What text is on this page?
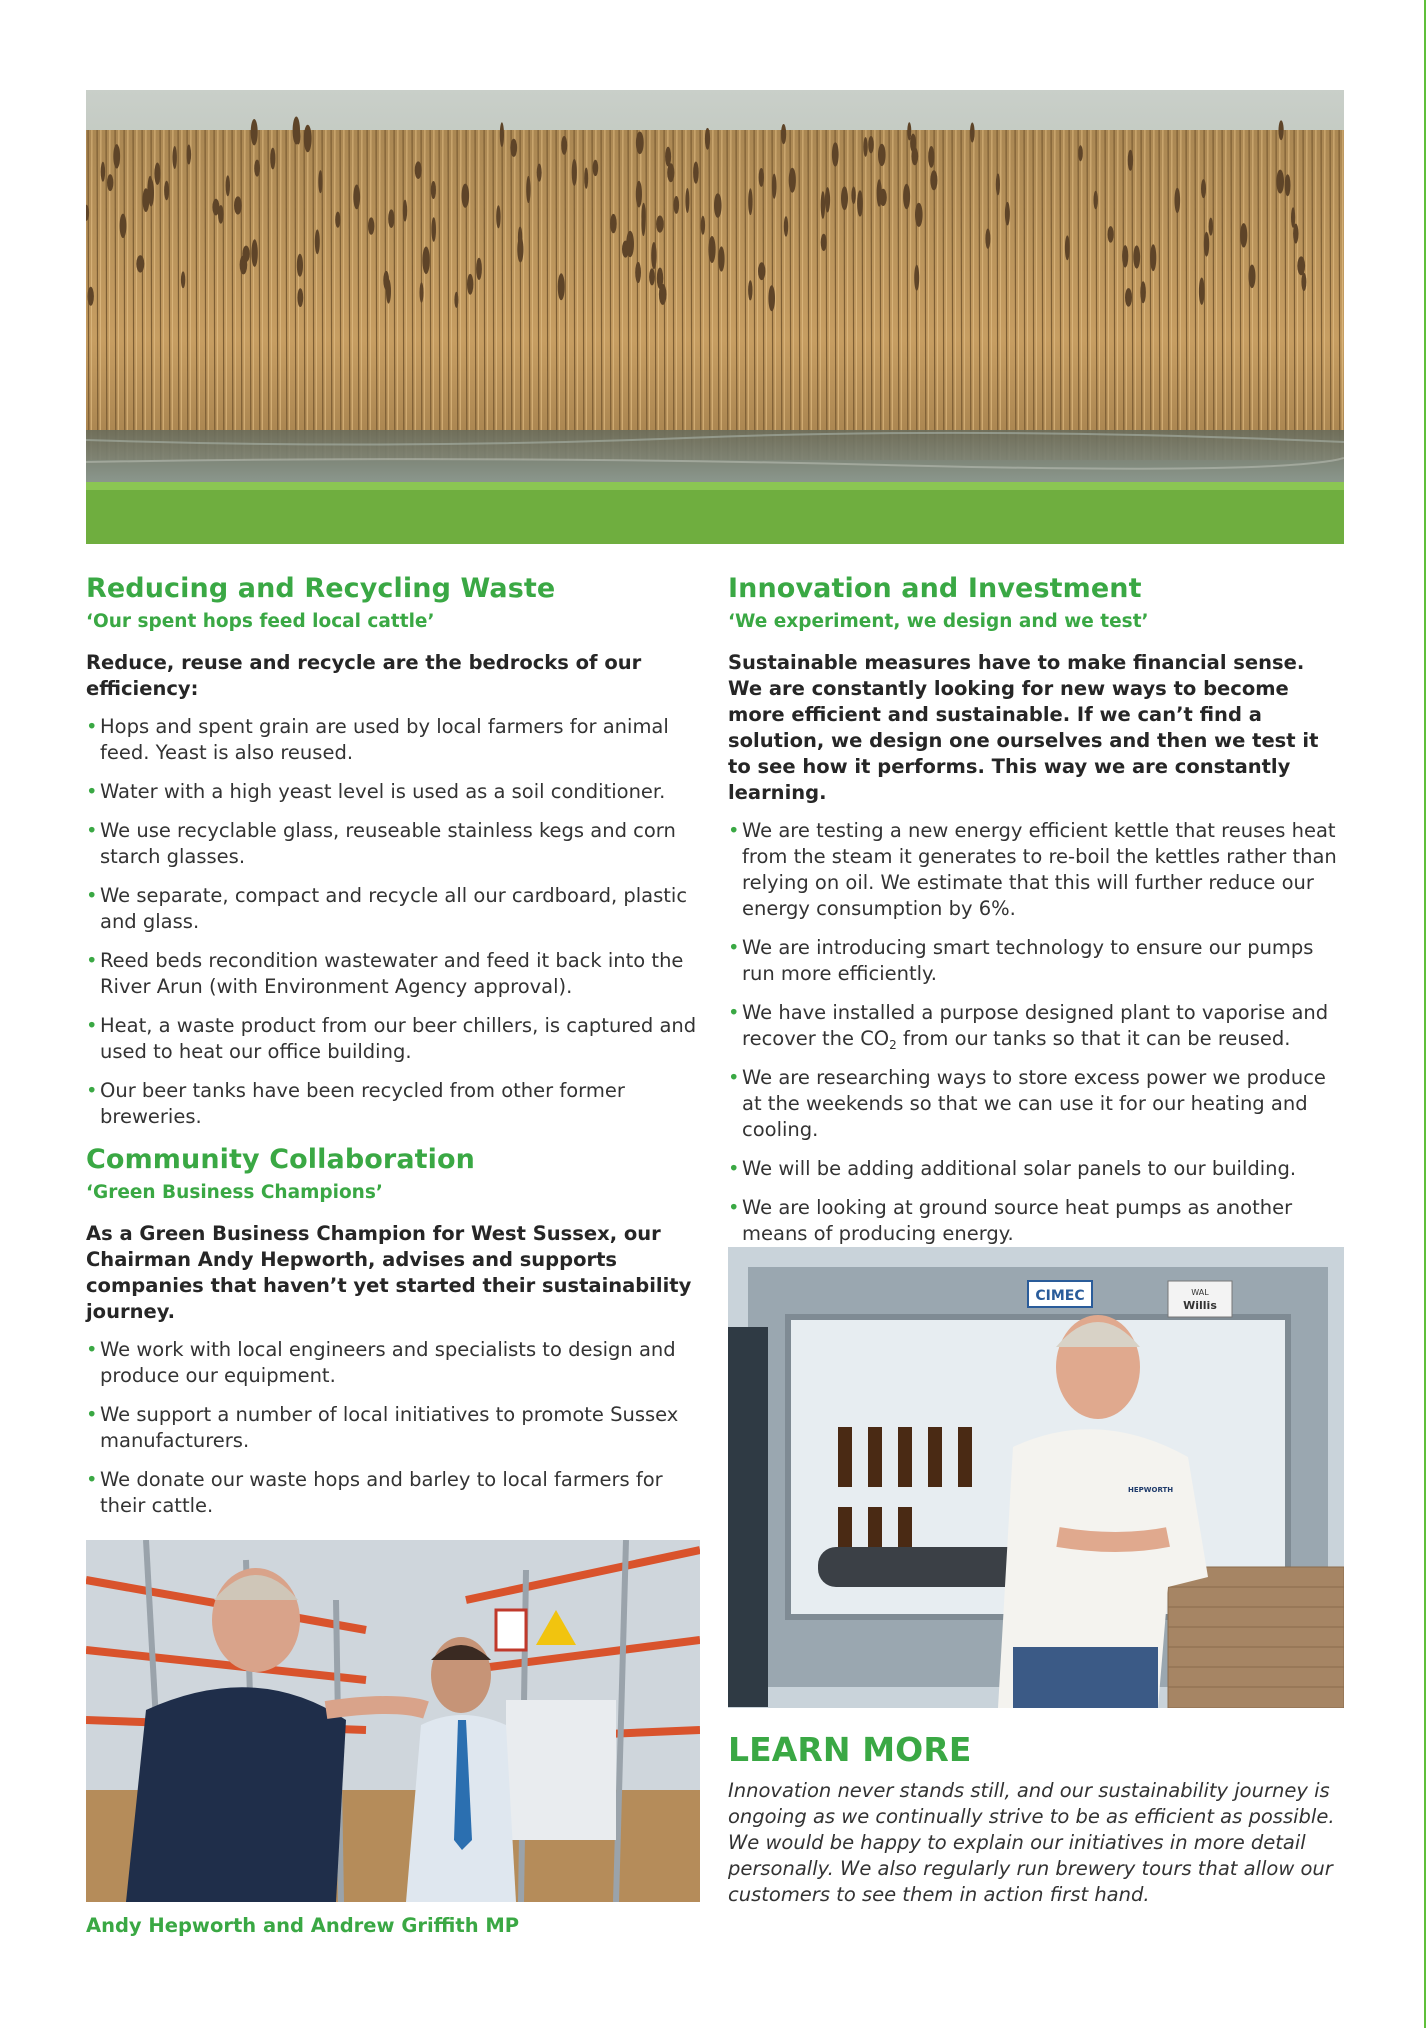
Reducing and Recycling Waste

‘Our spent hops feed local cattle’

Reduce, reuse and recycle are the bedrocks of our efficiency:

• Hops and spent grain are used by local farmers for animal feed. Yeast is also reused.
• Water with a high yeast level is used as a soil conditioner.
• We use recyclable glass, reuseable stainless kegs and corn starch glasses.
• We separate, compact and recycle all our cardboard, plastic and glass.
• Reed beds recondition wastewater and feed it back into the River Arun (with Environment Agency approval).
• Heat, a waste product from our beer chillers, is captured and used to heat our office building.
• Our beer tanks have been recycled from other former breweries.
Community Collaboration

‘Green Business Champions’

As a Green Business Champion for West Sussex, our Chairman Andy Hepworth, advises and supports companies that haven’t yet started their sustainability journey.

• We work with local engineers and specialists to design and produce our equipment.
• We support a number of local initiatives to promote Sussex manufacturers.
• We donate our waste hops and barley to local farmers for their cattle.

Andy Hepworth and Andrew Griffith MP

Innovation and Investment

‘We experiment, we design and we test’

Sustainable measures have to make financial sense. We are constantly looking for new ways to become more efficient and sustainable. If we can’t find a solution, we design one ourselves and then we test it to see how it performs. This way we are constantly learning.

• We are testing a new energy efficient kettle that reuses heat from the steam it generates to re-boil the kettles rather than relying on oil. We estimate that this will further reduce our energy consumption by 6%.
• We are introducing smart technology to ensure our pumps run more efficiently.
• We have installed a purpose designed plant to vaporise and recover the $CO_2$ from our tanks so that it can be reused.
• We are researching ways to store excess power we produce at the weekends so that we can use it for our heating and cooling.
• We will be adding additional solar panels to our building.
• We are looking at ground source heat pumps as another means of producing energy.
CIMEC	WAL
Willis
HEPWORTH
LEARN MORE

Innovation never stands still, and our sustainability journey is ongoing as we continually strive to be as efficient as possible. We would be happy to explain our initiatives in more detail personally. We also regularly run brewery tours that allow our customers to see them in action first hand.
